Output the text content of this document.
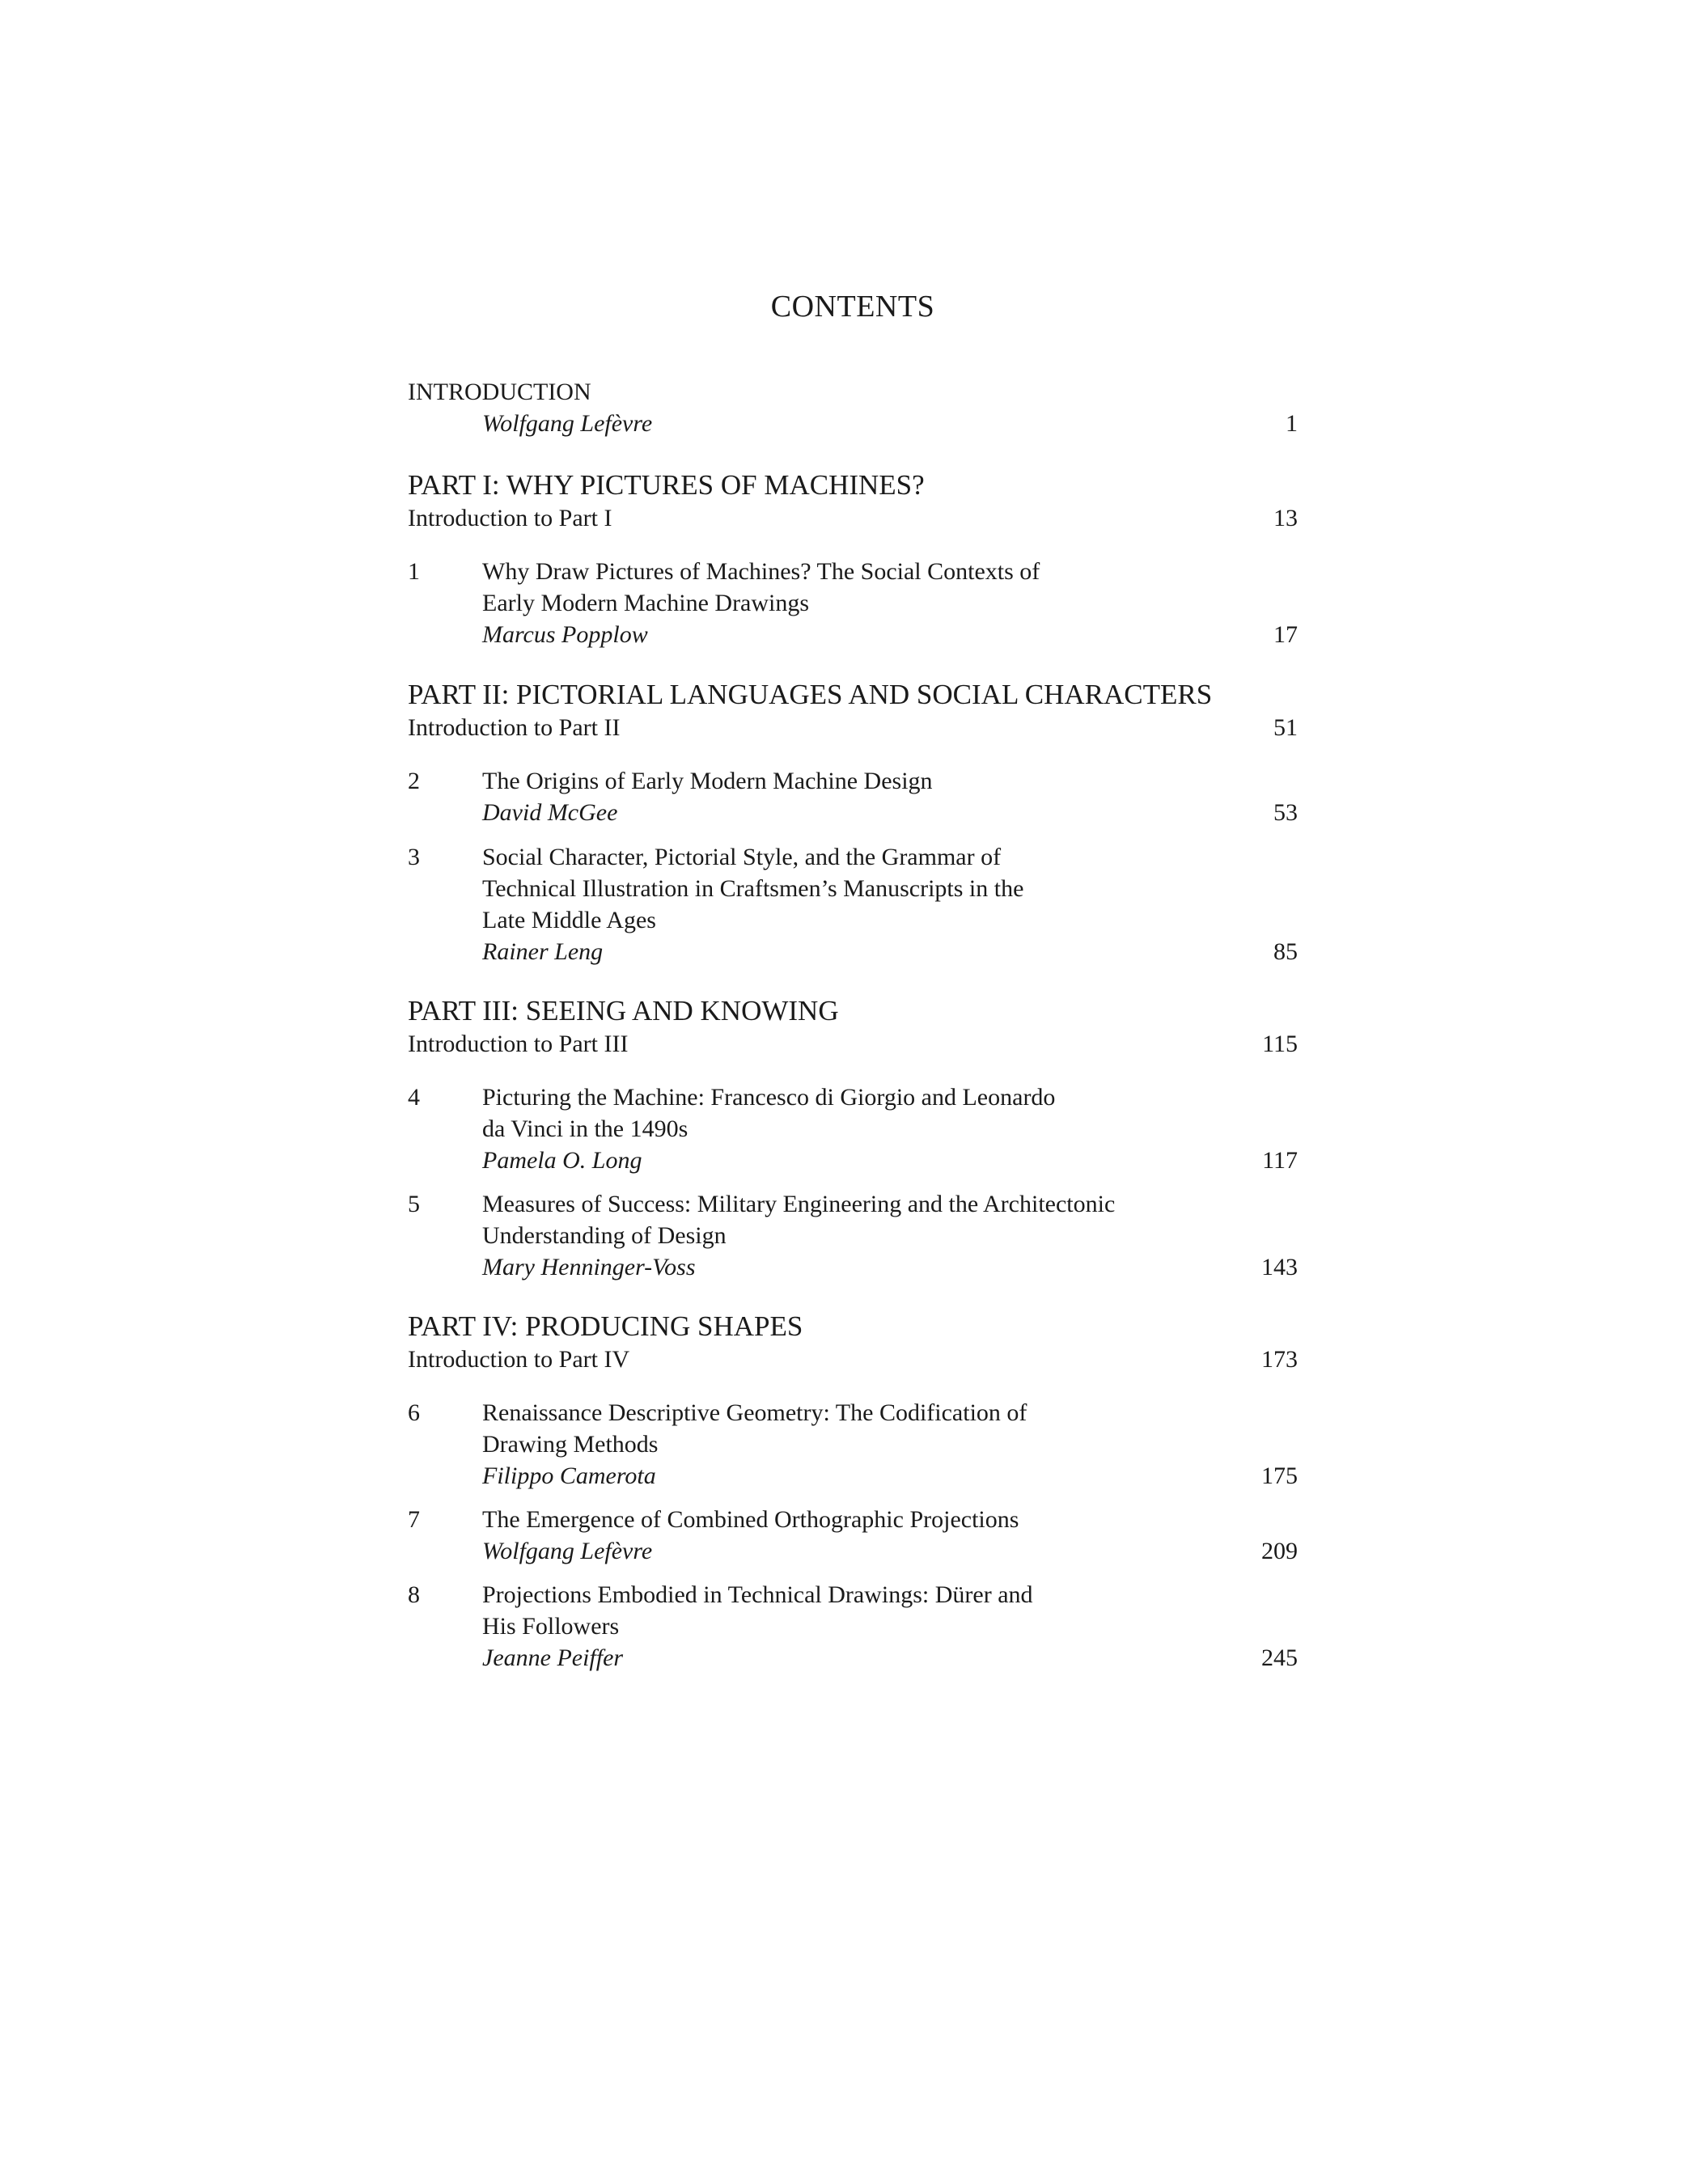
CONTENTS
INTRODUCTION
Wolfgang Lefèvre	1
PART I: WHY PICTURES OF MACHINES?
Introduction to Part I	13
1	Why Draw Pictures of Machines? The Social Contexts of
Early Modern Machine Drawings
Marcus Popplow	17
PART II: PICTORIAL LANGUAGES AND SOCIAL CHARACTERS
Introduction to Part II	51
2	The Origins of Early Modern Machine Design
David McGee	53
3	Social Character, Pictorial Style, and the Grammar of
Technical Illustration in Craftsmen’s Manuscripts in the
Late Middle Ages
Rainer Leng	85
PART III: SEEING AND KNOWING
Introduction to Part III	115
4	Picturing the Machine: Francesco di Giorgio and Leonardo
da Vinci in the 1490s
Pamela O. Long	117
5	Measures of Success: Military Engineering and the Architectonic
Understanding of Design
Mary Henninger-Voss	143
PART IV: PRODUCING SHAPES
Introduction to Part IV	173
6	Renaissance Descriptive Geometry: The Codification of
Drawing Methods
Filippo Camerota	175
7	The Emergence of Combined Orthographic Projections
Wolfgang Lefèvre	209
8	Projections Embodied in Technical Drawings: Dürer and
His Followers
Jeanne Peiffer	245
